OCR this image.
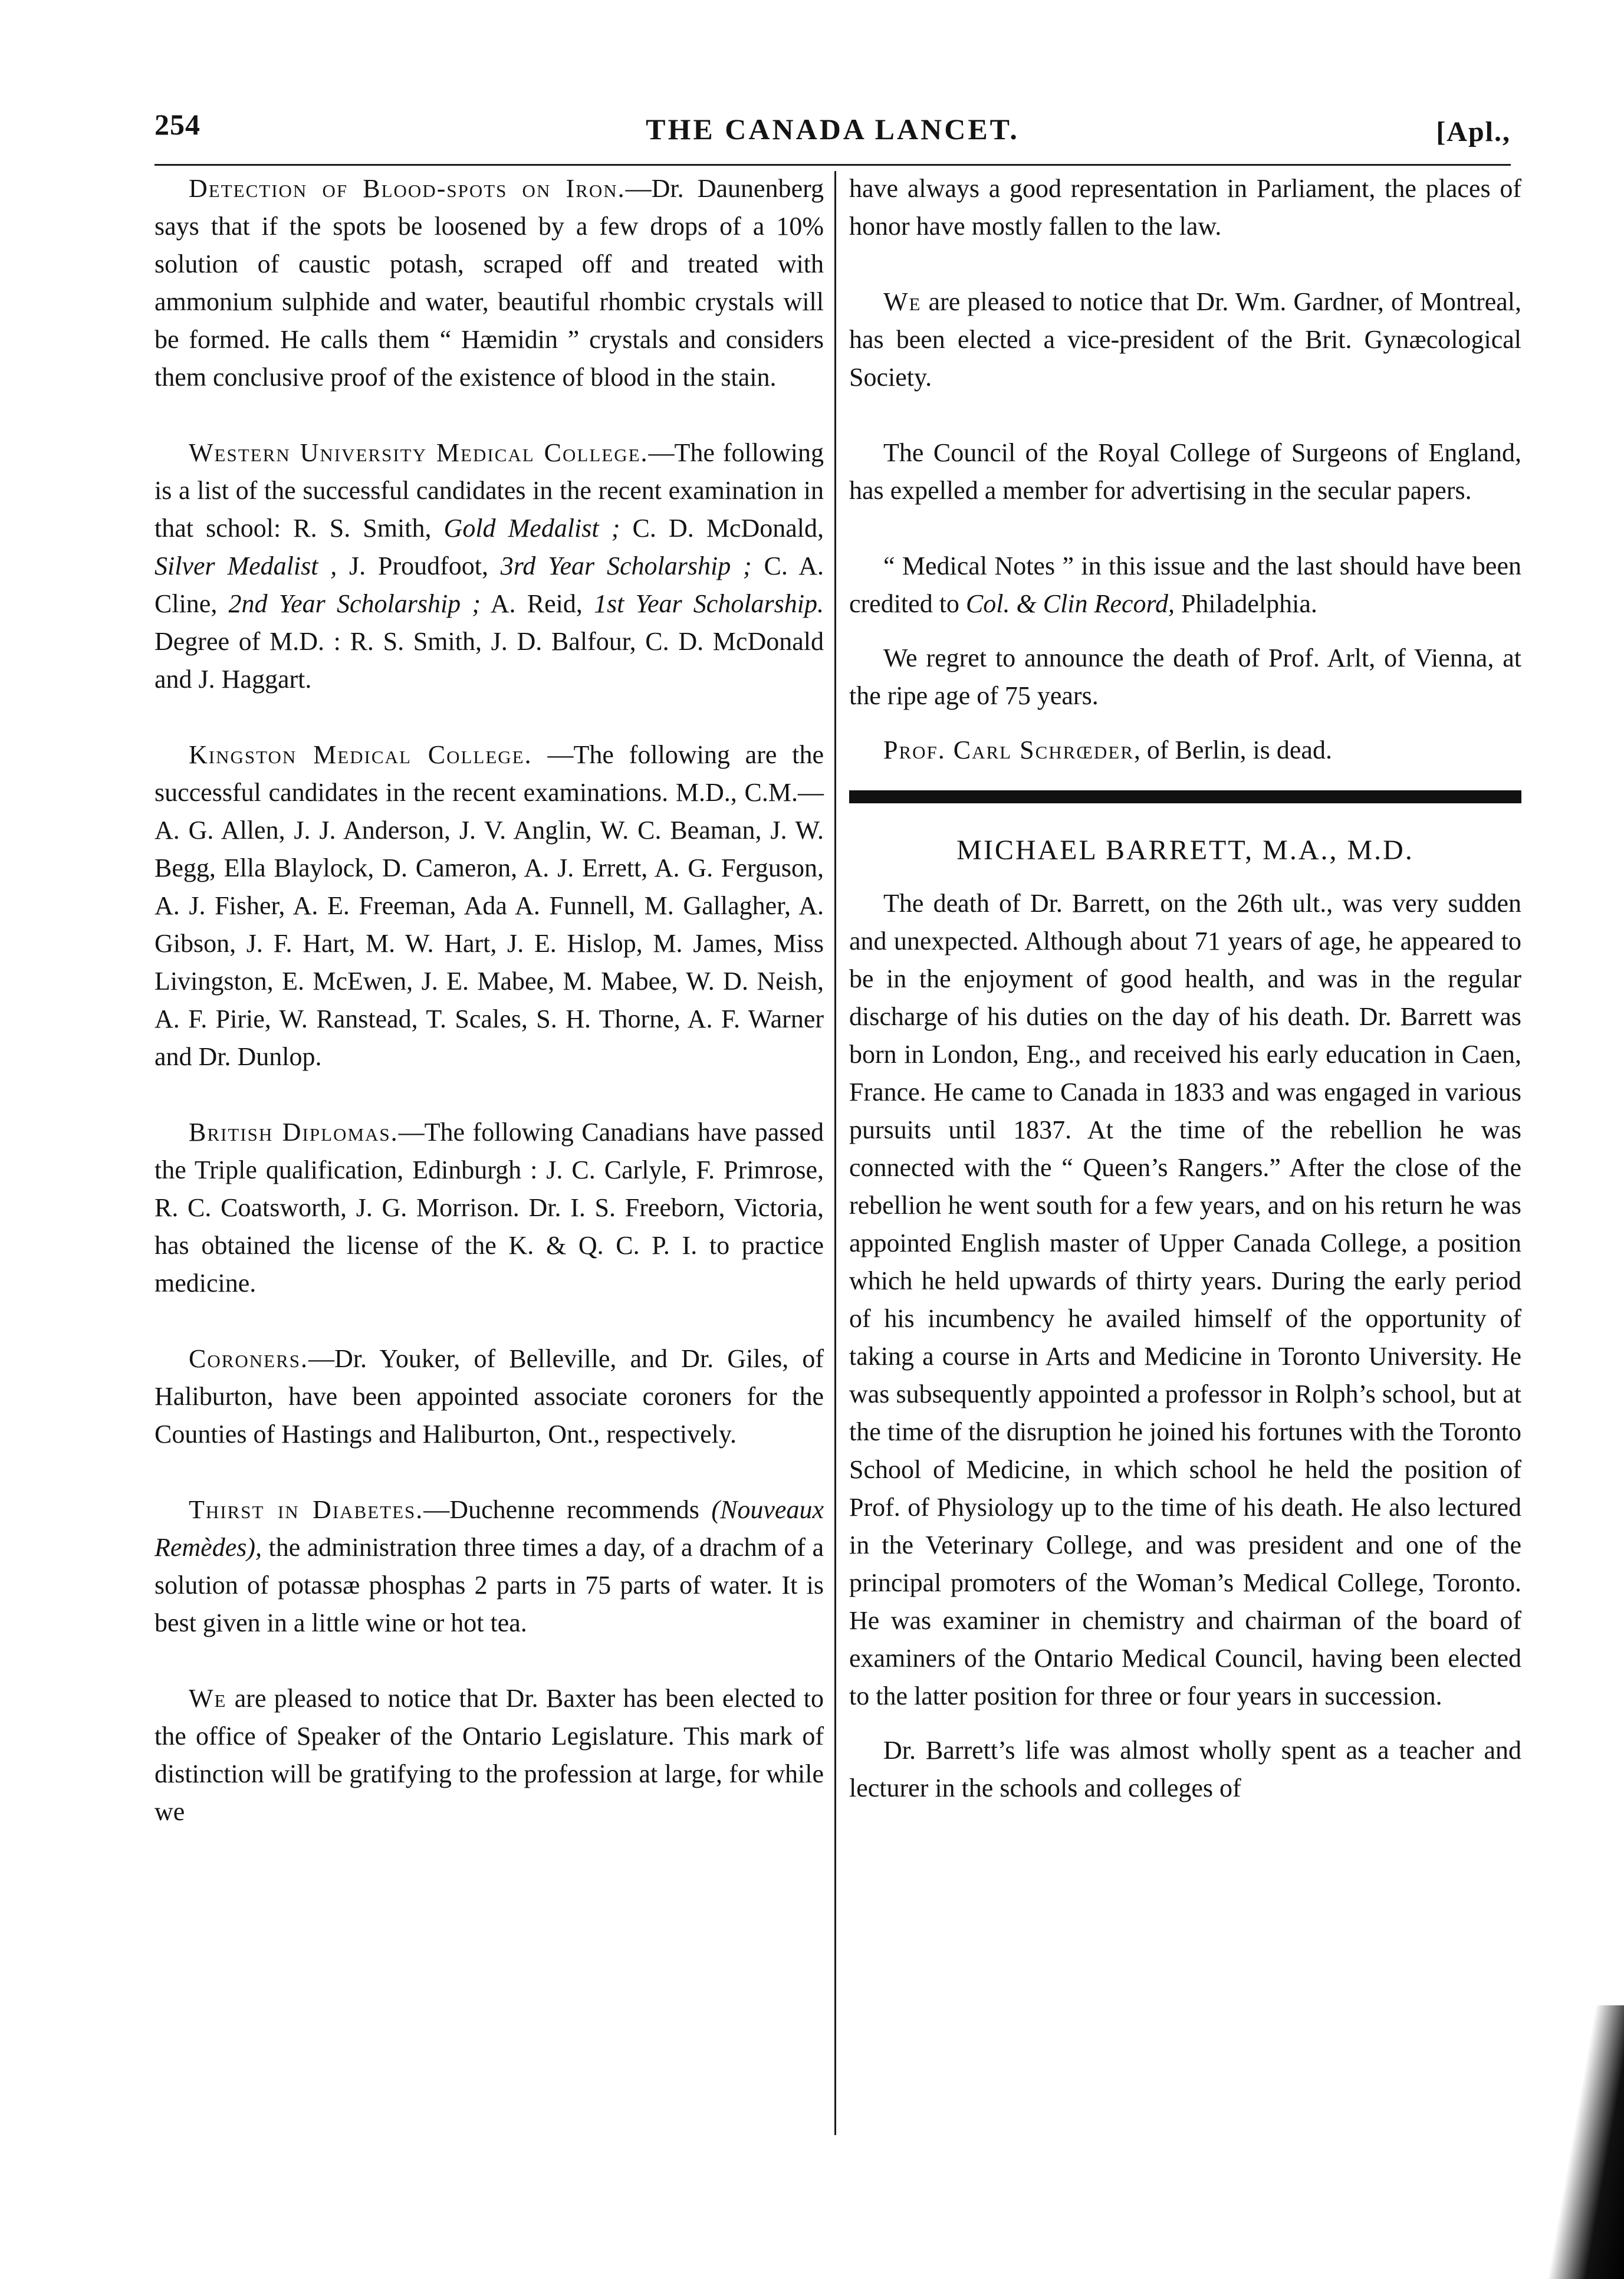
254	THE CANADA LANCET.	[Apl.,

Detection of Blood-spots on Iron.—Dr. Daunenberg says that if the spots be loosened by a few drops of a 10% solution of caustic potash, scraped off and treated with ammonium sulphide and water, beautiful rhombic crystals will be formed. He calls them “ Hæmidin ” crystals and considers them conclusive proof of the existence of blood in the stain.

Western University Medical College.—The following is a list of the successful candidates in the recent examination in that school: R. S. Smith, Gold Medalist ; C. D. McDonald, Silver Medalist , J. Proudfoot, 3rd Year Scholarship ; C. A. Cline, 2nd Year Scholarship ; A. Reid, 1st Year Scholarship. Degree of M.D. : R. S. Smith, J. D. Balfour, C. D. McDonald and J. Haggart.

Kingston Medical College. —The following are the successful candidates in the recent examinations. M.D., C.M.—A. G. Allen, J. J. Anderson, J. V. Anglin, W. C. Beaman, J. W. Begg, Ella Blaylock, D. Cameron, A. J. Errett, A. G. Ferguson, A. J. Fisher, A. E. Freeman, Ada A. Funnell, M. Gallagher, A. Gibson, J. F. Hart, M. W. Hart, J. E. Hislop, M. James, Miss Livingston, E. McEwen, J. E. Mabee, M. Mabee, W. D. Neish, A. F. Pirie, W. Ranstead, T. Scales, S. H. Thorne, A. F. Warner and Dr. Dunlop.

British Diplomas.—The following Canadians have passed the Triple qualification, Edinburgh : J. C. Carlyle, F. Primrose, R. C. Coatsworth, J. G. Morrison. Dr. I. S. Freeborn, Victoria, has obtained the license of the K. & Q. C. P. I. to practice medicine.

Coroners.—Dr. Youker, of Belleville, and Dr. Giles, of Haliburton, have been appointed associate coroners for the Counties of Hastings and Haliburton, Ont., respectively.

Thirst in Diabetes.—Duchenne recommends (Nouveaux Remèdes), the administration three times a day, of a drachm of a solution of potassæ phosphas 2 parts in 75 parts of water. It is best given in a little wine or hot tea.

We are pleased to notice that Dr. Baxter has been elected to the office of Speaker of the Ontario Legislature. This mark of distinction will be gratifying to the profession at large, for while we

have always a good representation in Parliament, the places of honor have mostly fallen to the law.

We are pleased to notice that Dr. Wm. Gardner, of Montreal, has been elected a vice-president of the Brit. Gynæcological Society.

The Council of the Royal College of Surgeons of England, has expelled a member for advertising in the secular papers.

“ Medical Notes ” in this issue and the last should have been credited to Col. & Clin Record, Philadelphia.

We regret to announce the death of Prof. Arlt, of Vienna, at the ripe age of 75 years.

Prof. Carl Schrœder, of Berlin, is dead.

MICHAEL BARRETT, M.A., M.D.

The death of Dr. Barrett, on the 26th ult., was very sudden and unexpected. Although about 71 years of age, he appeared to be in the enjoyment of good health, and was in the regular discharge of his duties on the day of his death. Dr. Barrett was born in London, Eng., and received his early education in Caen, France. He came to Canada in 1833 and was engaged in various pursuits until 1837. At the time of the rebellion he was connected with the “ Queen’s Rangers.” After the close of the rebellion he went south for a few years, and on his return he was appointed English master of Upper Canada College, a position which he held upwards of thirty years. During the early period of his incumbency he availed himself of the opportunity of taking a course in Arts and Medicine in Toronto University. He was subsequently appointed a professor in Rolph’s school, but at the time of the disruption he joined his fortunes with the Toronto School of Medicine, in which school he held the position of Prof. of Physiology up to the time of his death. He also lectured in the Veterinary College, and was president and one of the principal promoters of the Woman’s Medical College, Toronto. He was examiner in chemistry and chairman of the board of examiners of the Ontario Medical Council, having been elected to the latter position for three or four years in succession.

Dr. Barrett’s life was almost wholly spent as a teacher and lecturer in the schools and colleges of
